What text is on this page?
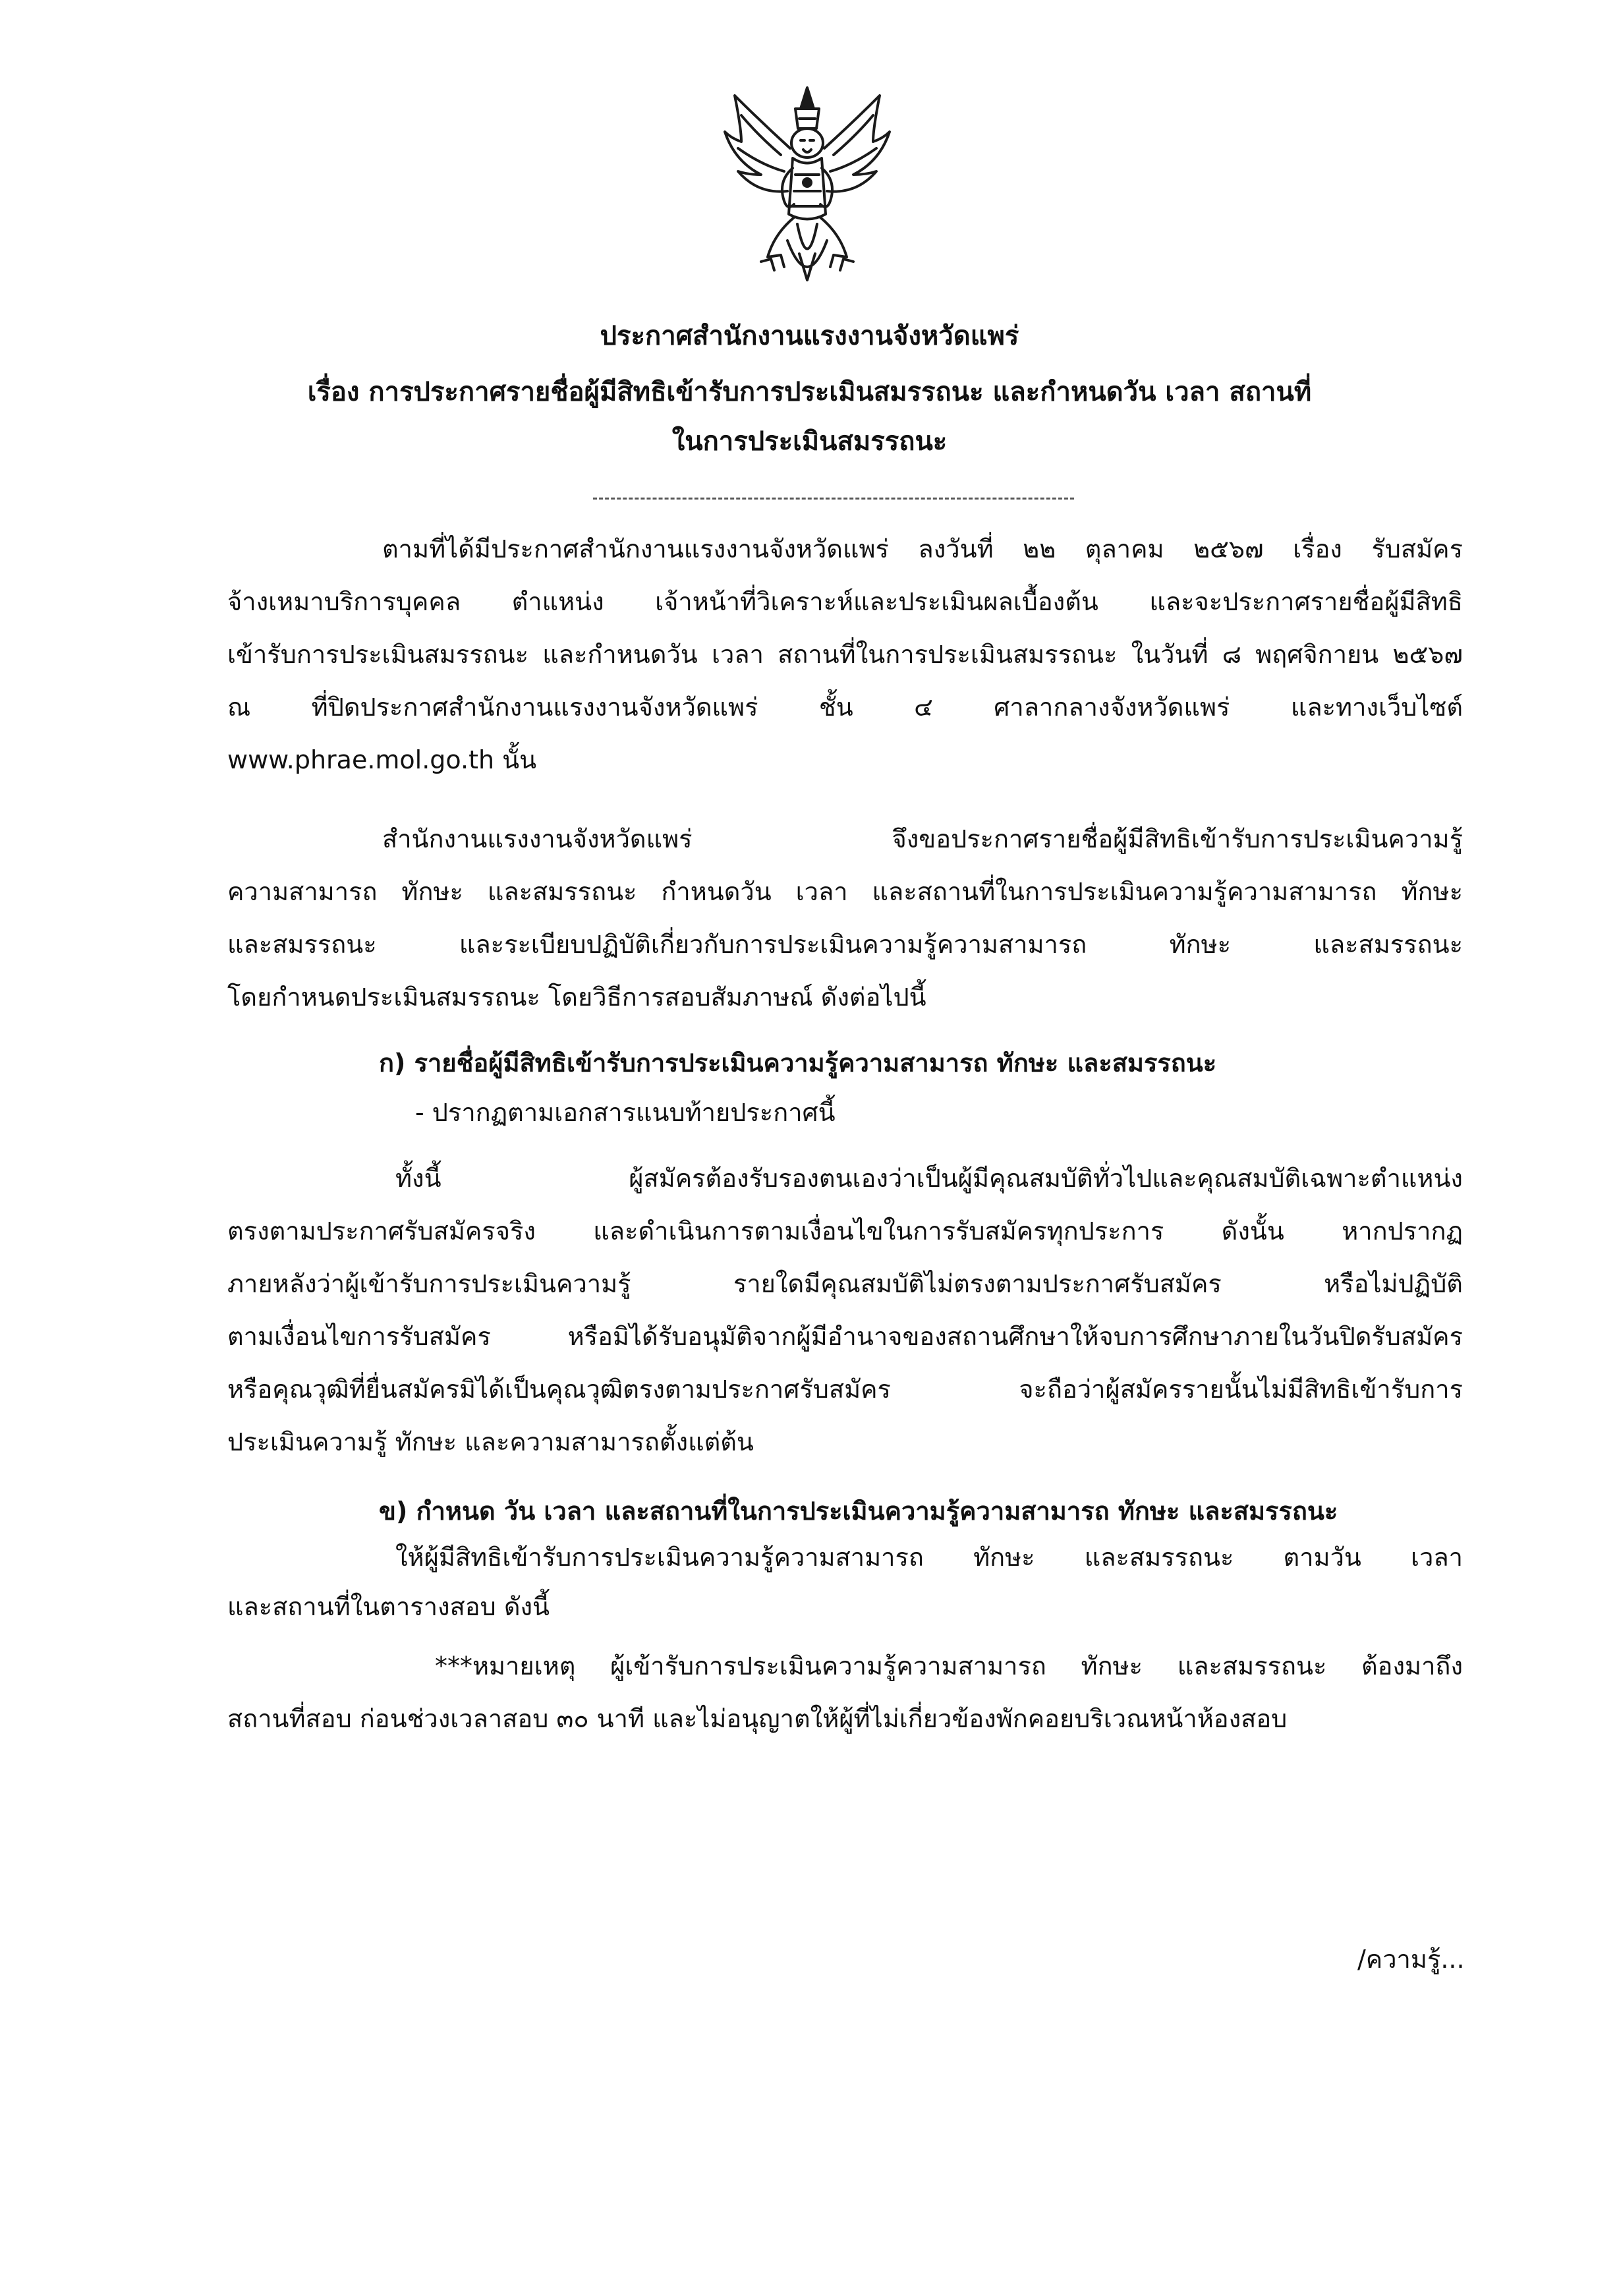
ประกาศสำนักงานแรงงานจังหวัดแพร่
เรื่อง การประกาศรายชื่อผู้มีสิทธิเข้ารับการประเมินสมรรถนะ และกำหนดวัน เวลา สถานที่
ในการประเมินสมรรถนะ
ตามที่ได้มีประกาศสำนักงานแรงงานจังหวัดแพร่ ลงวันที่ ๒๒ ตุลาคม ๒๕๖๗ เรื่อง รับสมัคร
จ้างเหมาบริการบุคคล ตำแหน่ง เจ้าหน้าที่วิเคราะห์และประเมินผลเบื้องต้น และจะประกาศรายชื่อผู้มีสิทธิ
เข้ารับการประเมินสมรรถนะ และกำหนดวัน เวลา สถานที่ในการประเมินสมรรถนะ ในวันที่ ๘ พฤศจิกายน ๒๕๖๗
ณ ที่ปิดประกาศสำนักงานแรงงานจังหวัดแพร่ ชั้น ๔ ศาลากลางจังหวัดแพร่ และทางเว็บไซต์
www.phrae.mol.go.th นั้น
สำนักงานแรงงานจังหวัดแพร่ จึงขอประกาศรายชื่อผู้มีสิทธิเข้ารับการประเมินความรู้
ความสามารถ ทักษะ และสมรรถนะ กำหนดวัน เวลา และสถานที่ในการประเมินความรู้ความสามารถ ทักษะ
และสมรรถนะ และระเบียบปฏิบัติเกี่ยวกับการประเมินความรู้ความสามารถ ทักษะ และสมรรถนะ
โดยกำหนดประเมินสมรรถนะ โดยวิธีการสอบสัมภาษณ์ ดังต่อไปนี้
ก) รายชื่อผู้มีสิทธิเข้ารับการประเมินความรู้ความสามารถ ทักษะ และสมรรถนะ
- ปรากฏตามเอกสารแนบท้ายประกาศนี้
ทั้งนี้ ผู้สมัครต้องรับรองตนเองว่าเป็นผู้มีคุณสมบัติทั่วไปและคุณสมบัติเฉพาะตำแหน่ง
ตรงตามประกาศรับสมัครจริง และดำเนินการตามเงื่อนไขในการรับสมัครทุกประการ ดังนั้น หากปรากฏ
ภายหลังว่าผู้เข้ารับการประเมินความรู้ รายใดมีคุณสมบัติไม่ตรงตามประกาศรับสมัคร หรือไม่ปฏิบัติ
ตามเงื่อนไขการรับสมัคร หรือมิได้รับอนุมัติจากผู้มีอำนาจของสถานศึกษาให้จบการศึกษาภายในวันปิดรับสมัคร
หรือคุณวุฒิที่ยื่นสมัครมิได้เป็นคุณวุฒิตรงตามประกาศรับสมัคร จะถือว่าผู้สมัครรายนั้นไม่มีสิทธิเข้ารับการ
ประเมินความรู้ ทักษะ และความสามารถตั้งแต่ต้น
ข) กำหนด วัน เวลา และสถานที่ในการประเมินความรู้ความสามารถ ทักษะ และสมรรถนะ
ให้ผู้มีสิทธิเข้ารับการประเมินความรู้ความสามารถ ทักษะ และสมรรถนะ ตามวัน เวลา
และสถานที่ในตารางสอบ ดังนี้
***หมายเหตุ ผู้เข้ารับการประเมินความรู้ความสามารถ ทักษะ และสมรรถนะ ต้องมาถึง
สถานที่สอบ ก่อนช่วงเวลาสอบ ๓๐ นาที และไม่อนุญาตให้ผู้ที่ไม่เกี่ยวข้องพักคอยบริเวณหน้าห้องสอบ
/ความรู้...
